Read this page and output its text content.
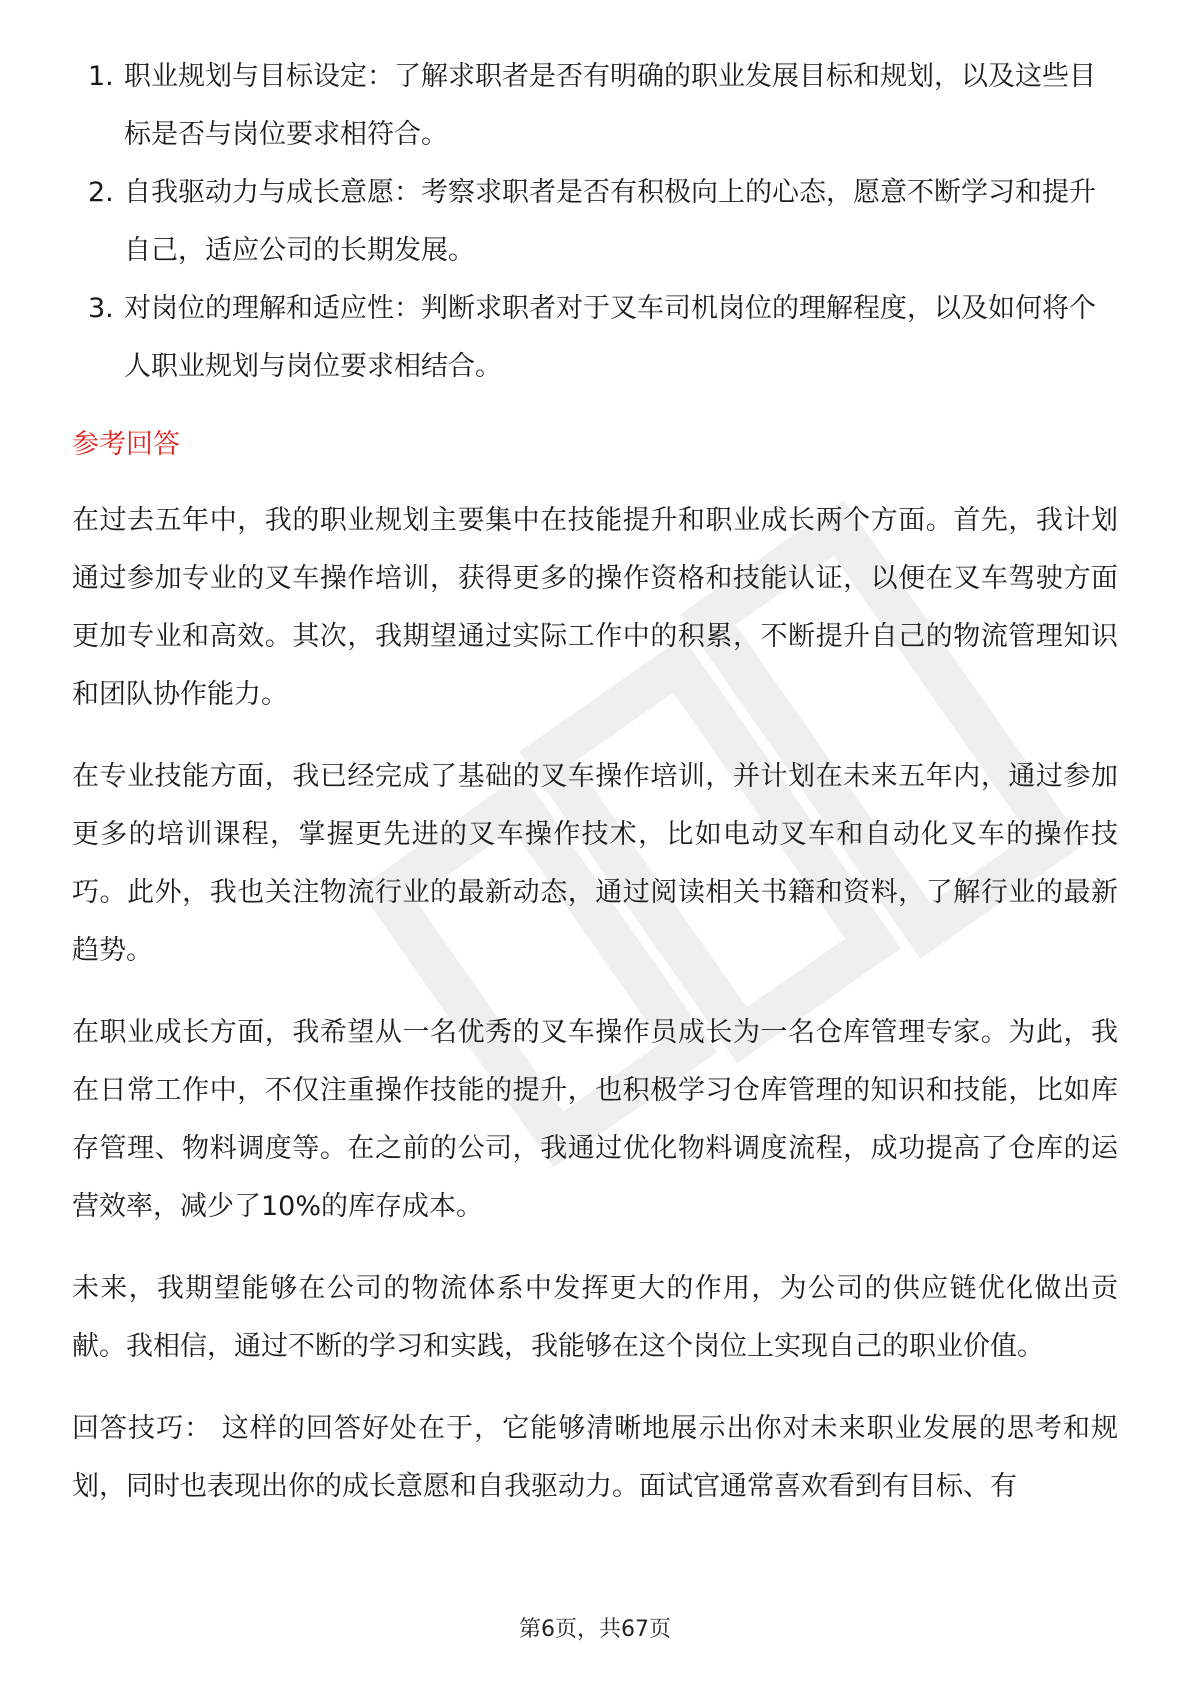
1. 职业规划与目标设定：了解求职者是否有明确的职业发展目标和规划，以及这些目标是否与岗位要求相符合。
2. 自我驱动力与成长意愿：考察求职者是否有积极向上的心态，愿意不断学习和提升自己，适应公司的长期发展。
3. 对岗位的理解和适应性：判断求职者对于叉车司机岗位的理解程度，以及如何将个人职业规划与岗位要求相结合。
参考回答

在过去五年中，我的职业规划主要集中在技能提升和职业成长两个方面。首先，我计划通过参加专业的叉车操作培训，获得更多的操作资格和技能认证，以便在叉车驾驶方面更加专业和高效。其次，我期望通过实际工作中的积累，不断提升自己的物流管理知识和团队协作能力。

在专业技能方面，我已经完成了基础的叉车操作培训，并计划在未来五年内，通过参加更多的培训课程，掌握更先进的叉车操作技术，比如电动叉车和自动化叉车的操作技巧。此外，我也关注物流行业的最新动态，通过阅读相关书籍和资料，了解行业的最新趋势。

在职业成长方面，我希望从一名优秀的叉车操作员成长为一名仓库管理专家。为此，我在日常工作中，不仅注重操作技能的提升，也积极学习仓库管理的知识和技能，比如库存管理、物料调度等。在之前的公司，我通过优化物料调度流程，成功提高了仓库的运营效率，减少了10%的库存成本。

未来，我期望能够在公司的物流体系中发挥更大的作用，为公司的供应链优化做出贡献。我相信，通过不断的学习和实践，我能够在这个岗位上实现自己的职业价值。

回答技巧： 这样的回答好处在于，它能够清晰地展示出你对未来职业发展的思考和规划，同时也表现出你的成长意愿和自我驱动力。面试官通常喜欢看到有目标、有

第6页，共67页
